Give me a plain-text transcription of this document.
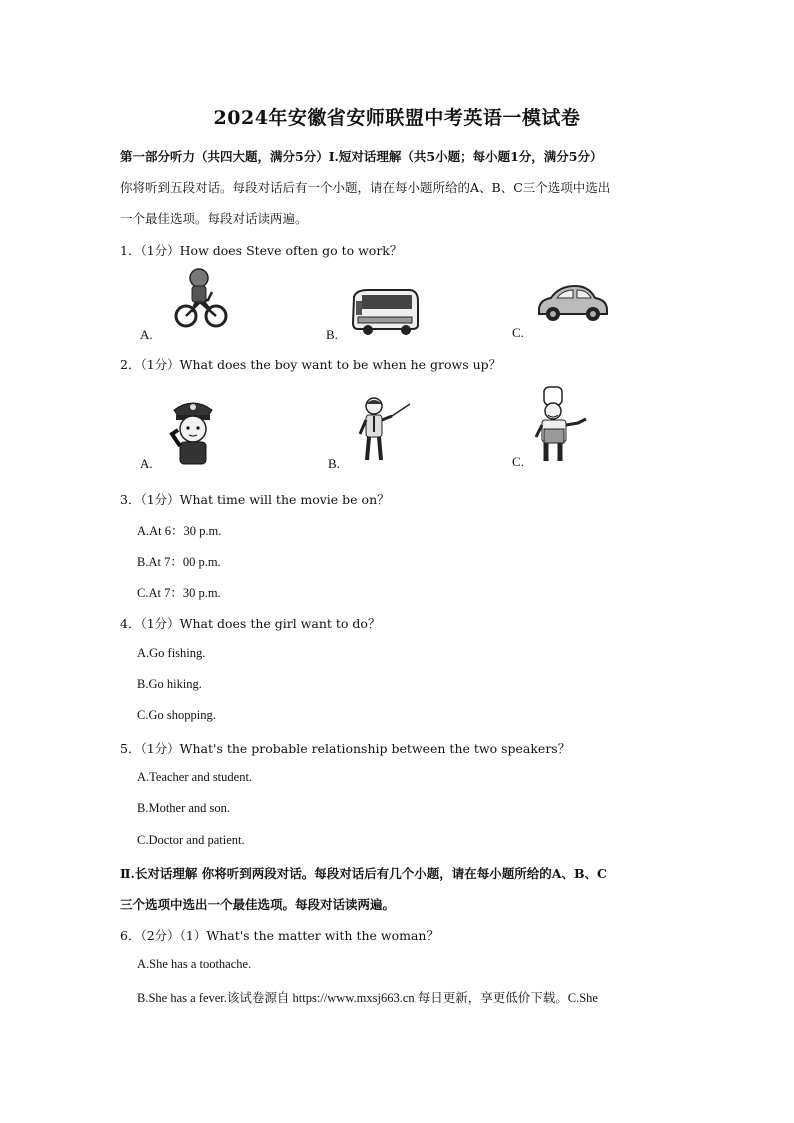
2024年安徽省安师联盟中考英语一模试卷
第一部分听力（共四大题，满分5分）I.短对话理解（共5小题；每小题1分，满分5分）
你将听到五段对话。每段对话后有一个小题，请在每小题所给的A、B、C三个选项中选出
一个最佳选项。每段对话读两遍。
1．（1分）How does Steve often go to work？
A.	B.	C.
2．（1分）What does the boy want to be when he grows up？
A.	B.	C.
3．（1分）What time will the movie be on？
A.At 6：30 p.m.
B.At 7：00 p.m.
C.At 7：30 p.m.
4．（1分）What does the girl want to do？
A.Go fishing.
B.Go hiking.
C.Go shopping.
5．（1分）What's the probable relationship between the two speakers？
A.Teacher and student.
B.Mother and son.
C.Doctor and patient.
Ⅱ.长对话理解 你将听到两段对话。每段对话后有几个小题，请在每小题所给的A、B、C
三个选项中选出一个最佳选项。每段对话读两遍。
6．（2分）（1）What's the matter with the woman？
A.She has a toothache.
B.She has a fever.该试卷源自 https://www.mxsj663.cn 每日更新，享更低价下载。C.She
